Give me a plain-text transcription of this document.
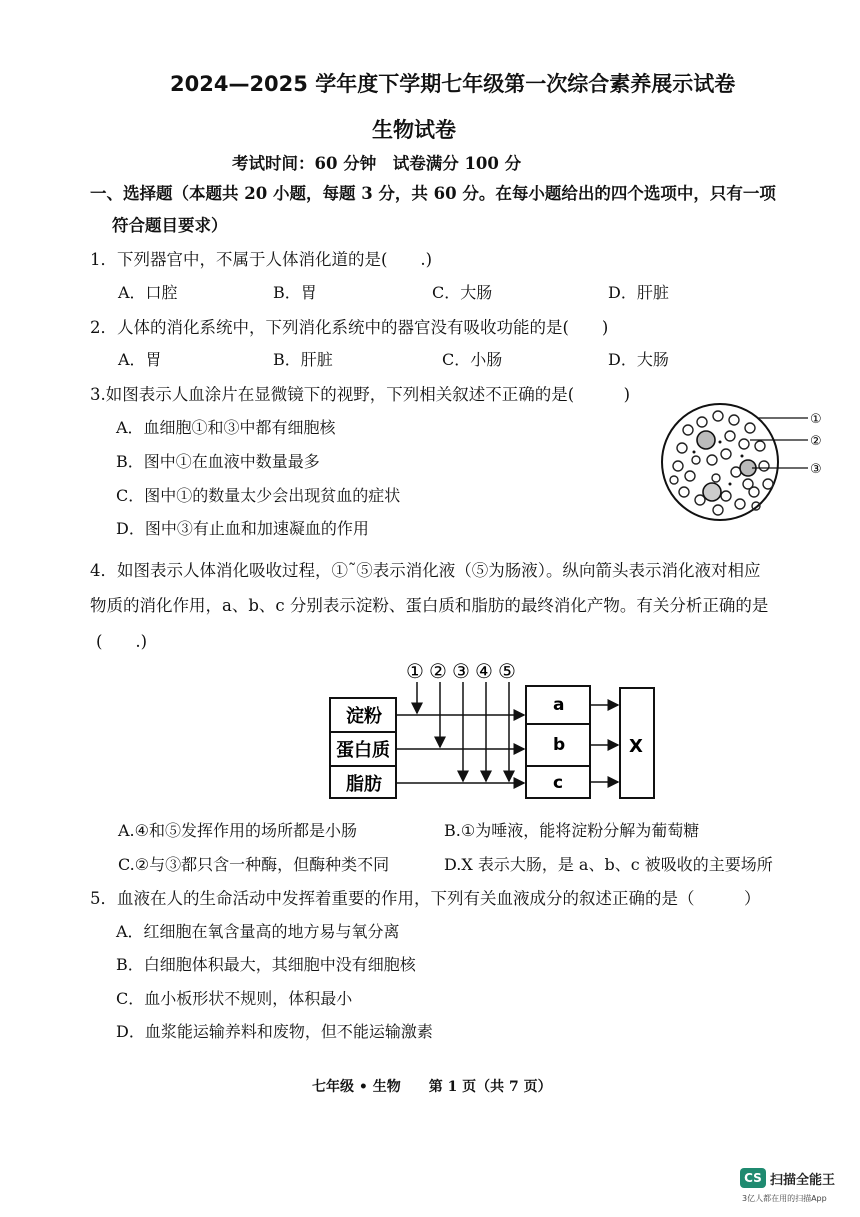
2024—2025 学年度下学期七年级第一次综合素养展示试卷
生物试卷
考试时间：60 分钟　试卷满分 100 分
一、选择题（本题共 20 小题，每题 3 分，共 60 分。在每小题给出的四个选项中，只有一项
符合题目要求）
1．下列器官中，不属于人体消化道的是(　　.)
A．口腔	B．胃	C．大肠	D．肝脏
2．人体的消化系统中，下列消化系统中的器官没有吸收功能的是(　　)
A．胃	B．肝脏	C．小肠	D．大肠
3.如图表示人血涂片在显微镜下的视野，下列相关叙述不正确的是(　　　)
A．血细胞①和③中都有细胞核
B．图中①在血液中数量最多
C．图中①的数量太少会出现贫血的症状
D．图中③有止血和加速凝血的作用
①
②
③
4．如图表示人体消化吸收过程，①˜⑤表示消化液（⑤为肠液）。纵向箭头表示消化液对相应
物质的消化作用，a、b、c 分别表示淀粉、蛋白质和脂肪的最终消化产物。有关分析正确的是
(　　.)
① ② ③ ④ ⑤
淀粉
蛋白质
脂肪
a
b
c
X
A.④和⑤发挥作用的场所都是小肠	B.①为唾液，能将淀粉分解为葡萄糖
C.②与③都只含一种酶，但酶种类不同	D.X 表示大肠，是 a、b、c 被吸收的主要场所
5．血液在人的生命活动中发挥着重要的作用，下列有关血液成分的叙述正确的是（　　　）
A．红细胞在氧含量高的地方易与氧分离
B．白细胞体积最大，其细胞中没有细胞核
C．血小板形状不规则，体积最小
D．血浆能运输养料和废物，但不能运输激素
七年级 • 生物　　第 1 页（共 7 页）
CS 扫描全能王
3亿人都在用的扫描App
